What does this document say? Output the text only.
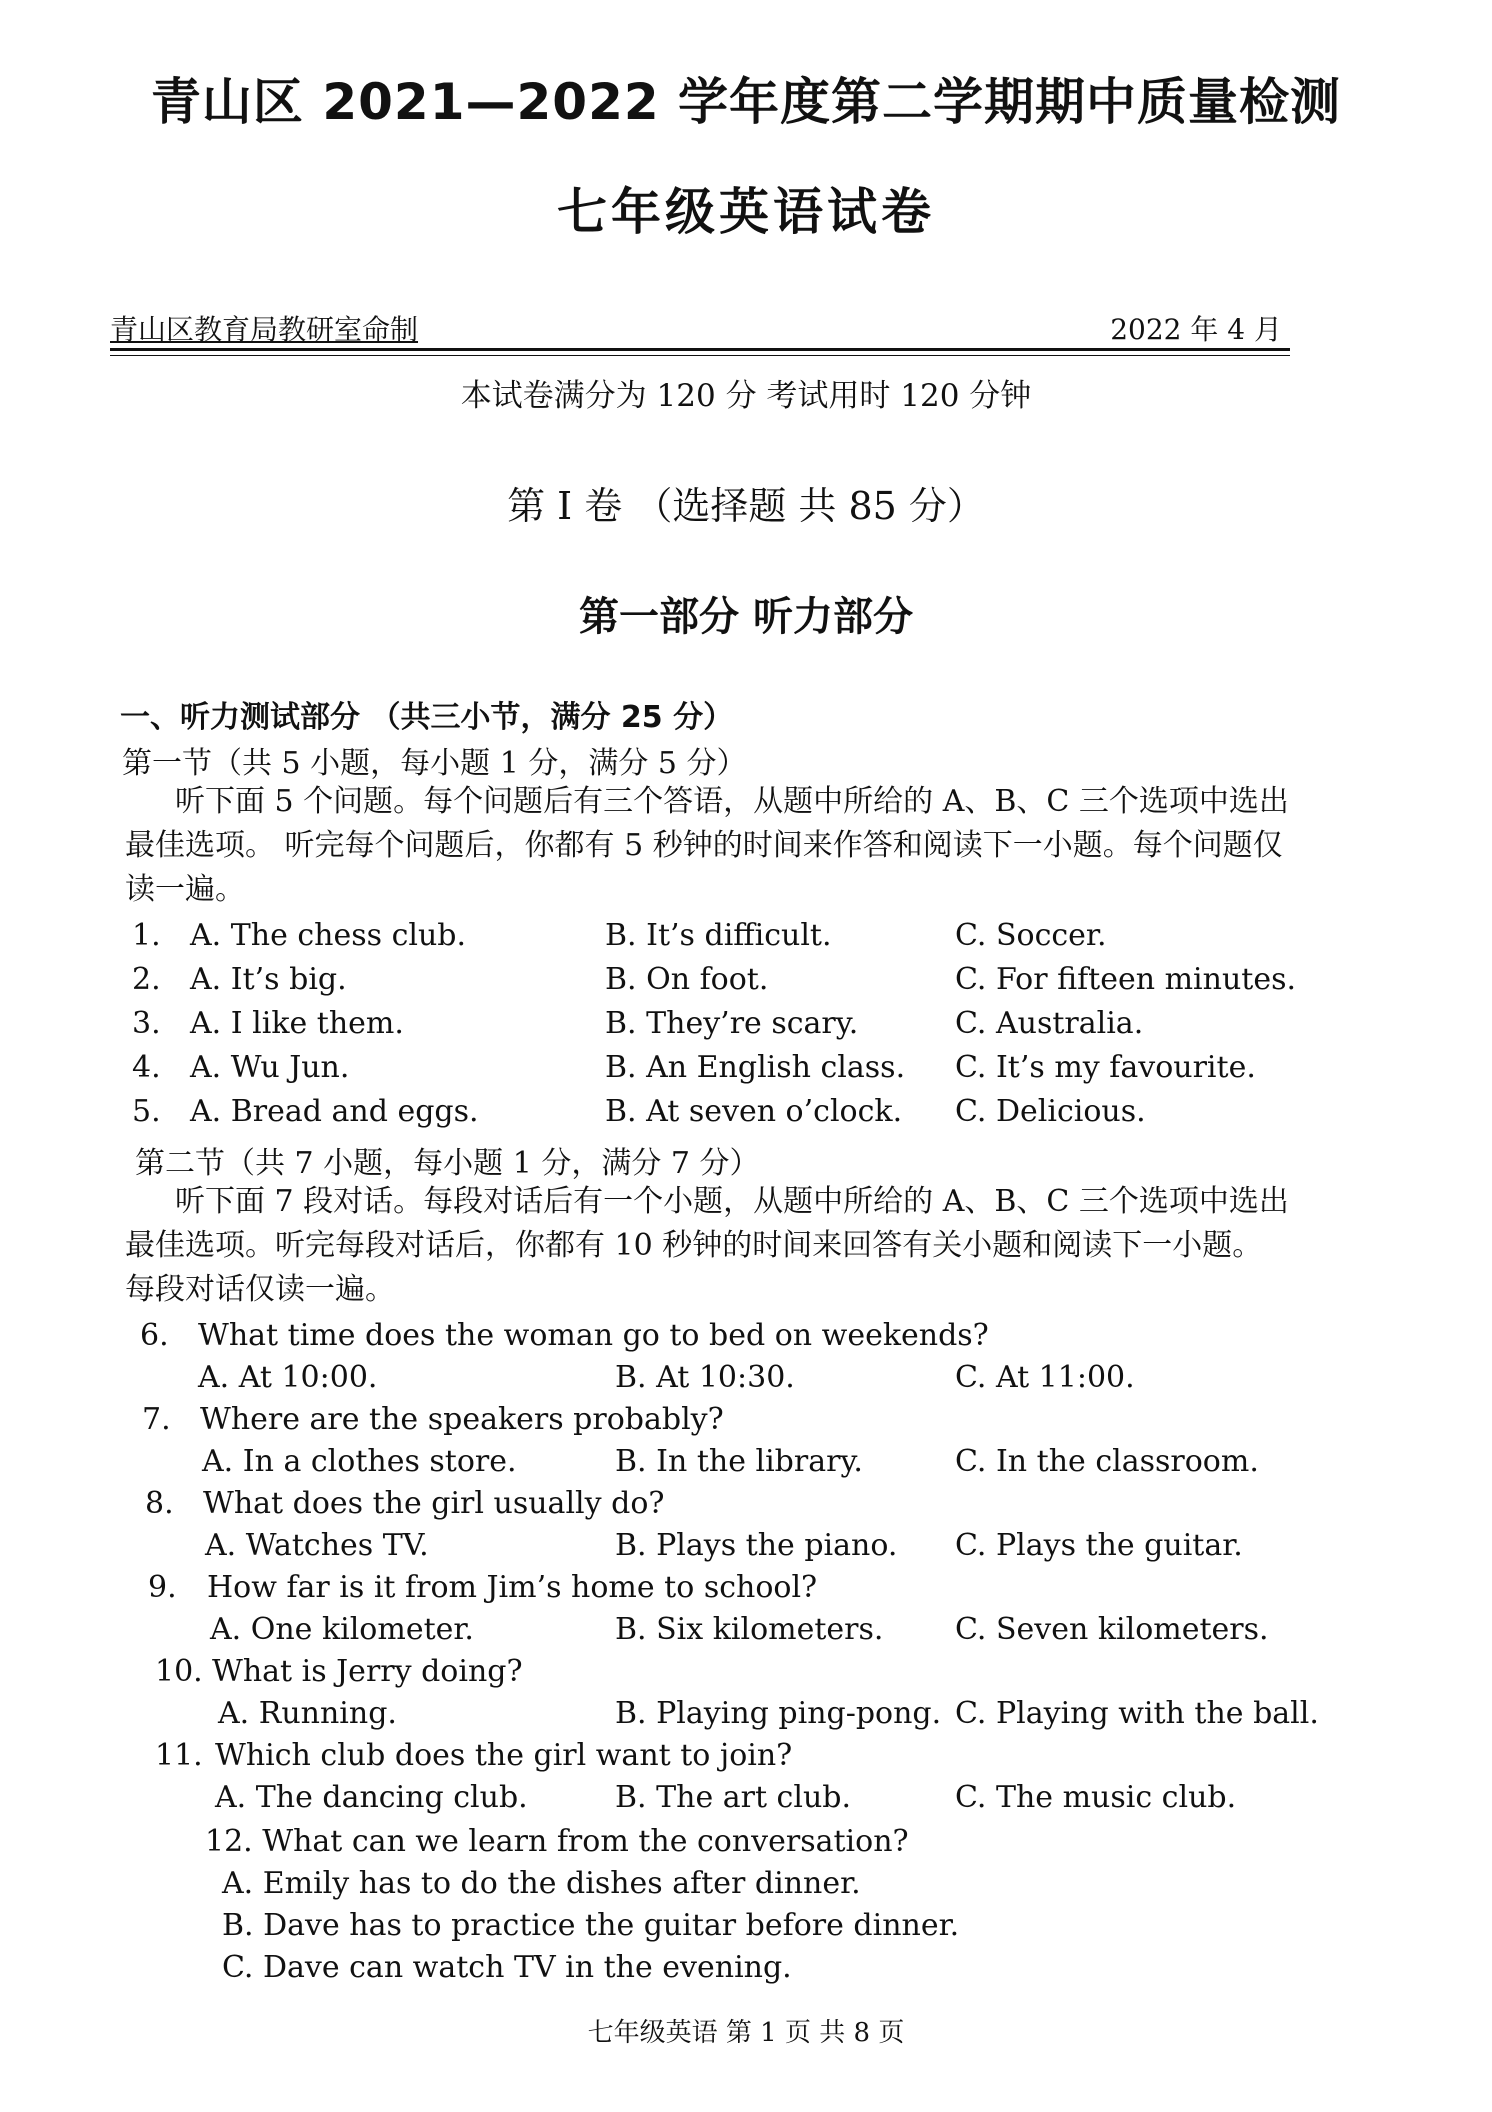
青山区 2021—2022 学年度第二学期期中质量检测
七年级英语试卷
青山区教育局教研室命制	2022 年 4 月
本试卷满分为 120 分 考试用时 120 分钟
第 I 卷 （选择题 共 85 分）
第一部分 听力部分
一、听力测试部分 （共三小节，满分 25 分）
第一节（共 5 小题，每小题 1 分，满分 5 分）
听下面 5 个问题。每个问题后有三个答语，从题中所给的 A、B、C 三个选项中选出最佳选项。 听完每个问题后，你都有 5 秒钟的时间来作答和阅读下一小题。每个问题仅读一遍。
1. A. The chess club.	B. It’s difficult.	C. Soccer.
2. A. It’s big.	B. On foot.	C. For fifteen minutes.
3. A. I like them.	B. They’re scary.	C. Australia.
4. A. Wu Jun.	B. An English class. C. It’s my favourite.
5. A. Bread and eggs.	B. At seven o’clock. C. Delicious.
第二节（共 7 小题，每小题 1 分，满分 7 分）
听下面 7 段对话。每段对话后有一个小题，从题中所给的 A、B、C 三个选项中选出最佳选项。听完每段对话后，你都有 10 秒钟的时间来回答有关小题和阅读下一小题。每段对话仅读一遍。
6. What time does the woman go to bed on weekends?
A. At 10:00.	B. At 10:30.	C. At 11:00.
7. Where are the speakers probably?
A. In a clothes store.	B. In the library.	C. In the classroom.
8. What does the girl usually do?
A. Watches TV.	B. Plays the piano. C. Plays the guitar.
9. How far is it from Jim’s home to school?
A. One kilometer.	B. Six kilometers. C. Seven kilometers.
10. What is Jerry doing?
A. Running.	B. Playing ping-pong. C. Playing with the ball.
11. Which club does the girl want to join?
A. The dancing club.	B. The art club.	C. The music club.
12. What can we learn from the conversation?
A. Emily has to do the dishes after dinner.
B. Dave has to practice the guitar before dinner.
C. Dave can watch TV in the evening.
七年级英语 第 1 页 共 8 页
